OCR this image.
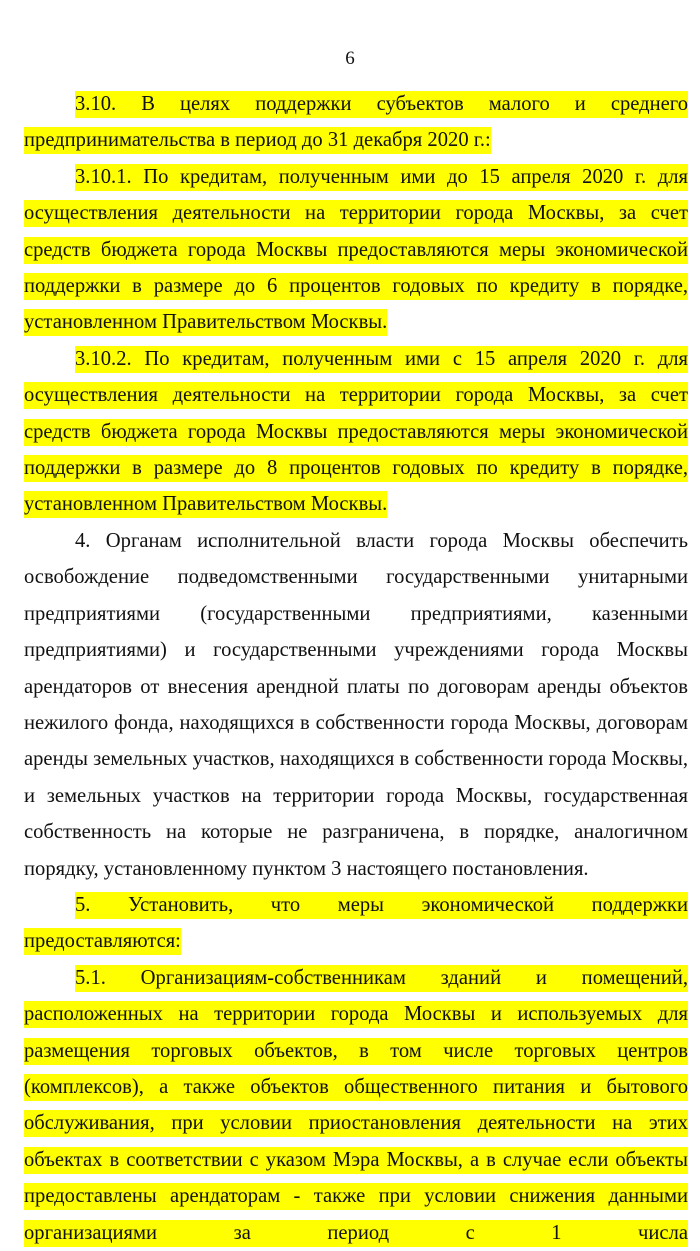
6

3.10. В целях поддержки субъектов малого и среднего предпринимательства в период до 31 декабря 2020 г.:

3.10.1. По кредитам, полученным ими до 15 апреля 2020 г. для осуществления деятельности на территории города Москвы, за счет средств бюджета города Москвы предоставляются меры экономической поддержки в размере до 6 процентов годовых по кредиту в порядке, установленном Правительством Москвы.

3.10.2. По кредитам, полученным ими с 15 апреля 2020 г. для осуществления деятельности на территории города Москвы, за счет средств бюджета города Москвы предоставляются меры экономической поддержки в размере до 8 процентов годовых по кредиту в порядке, установленном Правительством Москвы.

4. Органам исполнительной власти города Москвы обеспечить освобождение подведомственными государственными унитарными предприятиями (государственными предприятиями, казенными предприятиями) и государственными учреждениями города Москвы арендаторов от внесения арендной платы по договорам аренды объектов нежилого фонда, находящихся в собственности города Москвы, договорам аренды земельных участков, находящихся в собственности города Москвы, и земельных участков на территории города Москвы, государственная собственность на которые не разграничена, в порядке, аналогичном порядку, установленному пунктом 3 настоящего постановления.

5. Установить, что меры экономической поддержки предоставляются:

5.1. Организациям-собственникам зданий и помещений, расположенных на территории города Москвы и используемых для размещения торговых объектов, в том числе торговых центров (комплексов), а также объектов общественного питания и бытового обслуживания, при условии приостановления деятельности на этих объектах в соответствии с указом Мэра Москвы, а в случае если объекты предоставлены арендаторам - также при условии снижения данными организациями за период с 1 числа
